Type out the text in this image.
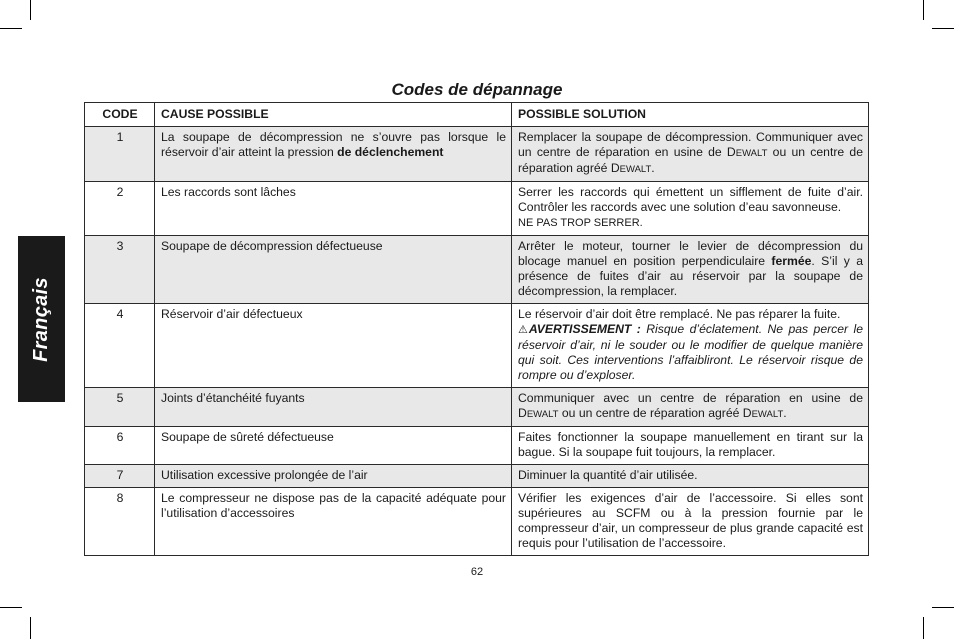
Français
Codes de dépannage
CODE	CAUSE POSSIBLE	POSSIBLE SOLUTION
1	La soupape de décompression ne s’ouvre pas lorsque le réservoir d’air atteint la pression de déclenchement	Remplacer la soupape de décompression. Communiquer avec un centre de réparation en usine de DEWALT ou un centre de réparation agréé DEWALT.
2	Les raccords sont lâches	Serrer les raccords qui émettent un sifflement de fuite d’air. Contrôler les raccords avec une solution d’eau savonneuse.
NE PAS TROP SERRER.
3	Soupape de décompression défectueuse	Arrêter le moteur, tourner le levier de décompression du blocage manuel en position perpendiculaire fermée. S’il y a présence de fuites d’air au réservoir par la soupape de décompression, la remplacer.
4	Réservoir d’air défectueux	Le réservoir d’air doit être remplacé. Ne pas réparer la fuite.
⚠AVERTISSEMENT : Risque d’éclatement. Ne pas percer le réservoir d’air, ni le souder ou le modifier de quelque manière qui soit. Ces interventions l’affaibliront. Le réservoir risque de rompre ou d’exploser.
5	Joints d’étanchéité fuyants	Communiquer avec un centre de réparation en usine de DEWALT ou un centre de réparation agréé DEWALT.
6	Soupape de sûreté défectueuse	Faites fonctionner la soupape manuellement en tirant sur la bague. Si la soupape fuit toujours, la remplacer.
7	Utilisation excessive prolongée de l’air	Diminuer la quantité d’air utilisée.
8	Le compresseur ne dispose pas de la capacité adéquate pour l’utilisation d’accessoires	Vérifier les exigences d’air de l’accessoire. Si elles sont supérieures au SCFM ou à la pression fournie par le compresseur d’air, un compresseur de plus grande capacité est requis pour l’utilisation de l’accessoire.
62
